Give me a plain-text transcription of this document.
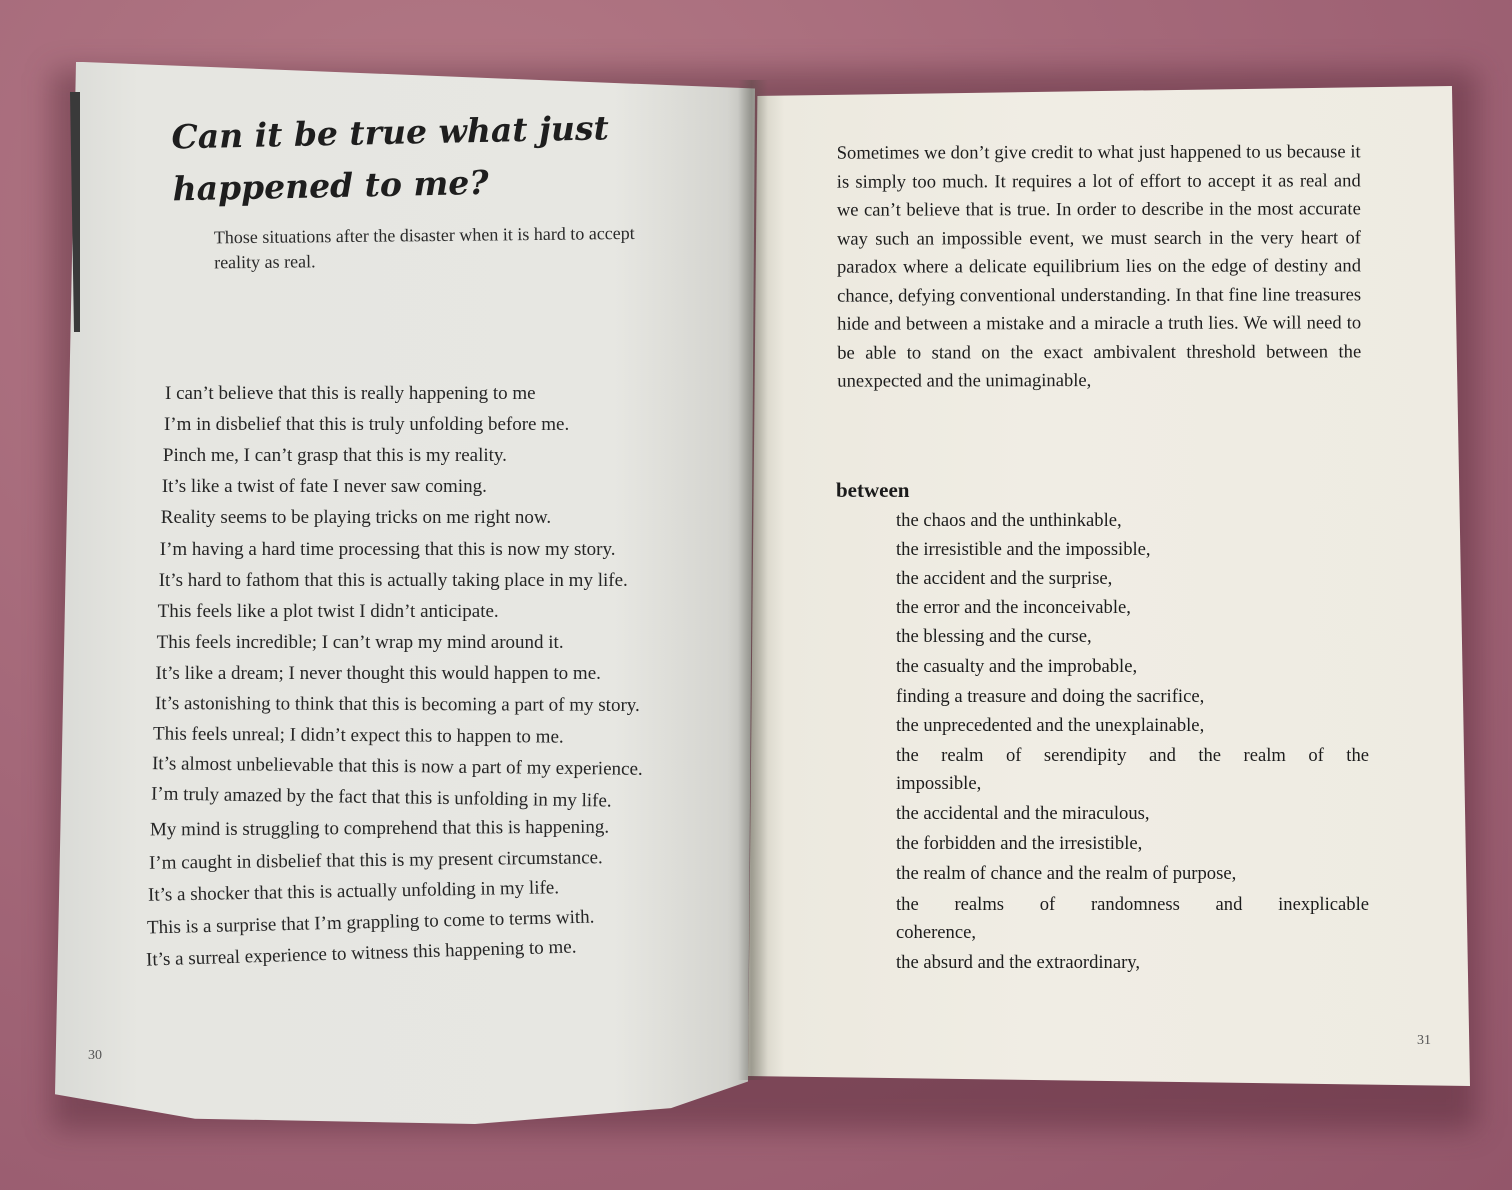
Can it be true what just happened to me?

Those situations after the disaster when it is hard to accept reality as real.

I can’t believe that this is really happening to me
I’m in disbelief that this is truly unfolding before me.
Pinch me, I can’t grasp that this is my reality.
It’s like a twist of fate I never saw coming.
Reality seems to be playing tricks on me right now.
I’m having a hard time processing that this is now my story.
It’s hard to fathom that this is actually taking place in my life.
This feels like a plot twist I didn’t anticipate.
This feels incredible; I can’t wrap my mind around it.
It’s like a dream; I never thought this would happen to me.
It’s astonishing to think that this is becoming a part of my story.
This feels unreal; I didn’t expect this to happen to me.
It’s almost unbelievable that this is now a part of my experience.
I’m truly amazed by the fact that this is unfolding in my life.
My mind is struggling to comprehend that this is happening.
I’m caught in disbelief that this is my present circumstance.
It’s a shocker that this is actually unfolding in my life.
This is a surprise that I’m grappling to come to terms with.
It’s a surreal experience to witness this happening to me.
30

Sometimes we don’t give credit to what just happened to us because it is simply too much. It requires a lot of effort to accept it as real and we can’t believe that is true. In order to describe in the most accurate way such an impossible event, we must search in the very heart of paradox where a delicate equilibrium lies on the edge of destiny and chance, defying conventional understanding. In that fine line treasures hide and between a mistake and a miracle a truth lies. We will need to be able to stand on the exact ambivalent threshold between the unexpected and the unimaginable,

between
the chaos and the unthinkable,
the irresistible and the impossible,
the accident and the surprise,
the error and the inconceivable,
the blessing and the curse,
the casualty and the improbable,
finding a treasure and doing the sacrifice,
the unprecedented and the unexplainable,
the realm of serendipity and the realm of the
impossible,
the accidental and the miraculous,
the forbidden and the irresistible,
the realm of chance and the realm of purpose,
the realms of randomness and inexplicable
coherence,
the absurd and the extraordinary,
31
